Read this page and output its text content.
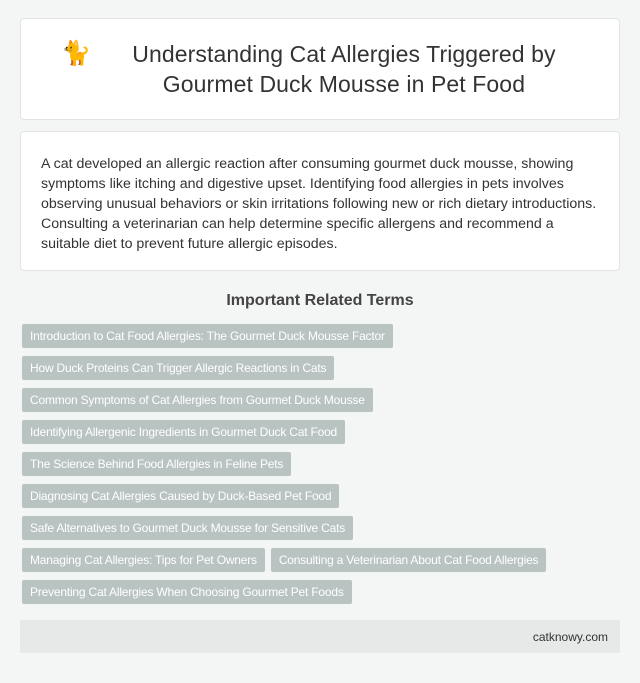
🐈	Understanding Cat Allergies Triggered by Gourmet Duck Mousse in Pet Food

A cat developed an allergic reaction after consuming gourmet duck mousse, showing symptoms like itching and digestive upset. Identifying food allergies in pets involves observing unusual behaviors or skin irritations following new or rich dietary introductions. Consulting a veterinarian can help determine specific allergens and recommend a suitable diet to prevent future allergic episodes.

Important Related Terms
Introduction to Cat Food Allergies: The Gourmet Duck Mousse Factor
How Duck Proteins Can Trigger Allergic Reactions in Cats
Common Symptoms of Cat Allergies from Gourmet Duck Mousse
Identifying Allergenic Ingredients in Gourmet Duck Cat Food
The Science Behind Food Allergies in Feline Pets
Diagnosing Cat Allergies Caused by Duck-Based Pet Food
Safe Alternatives to Gourmet Duck Mousse for Sensitive Cats
Managing Cat Allergies: Tips for Pet Owners	Consulting a Veterinarian About Cat Food Allergies
Preventing Cat Allergies When Choosing Gourmet Pet Foods
catknowy.com
